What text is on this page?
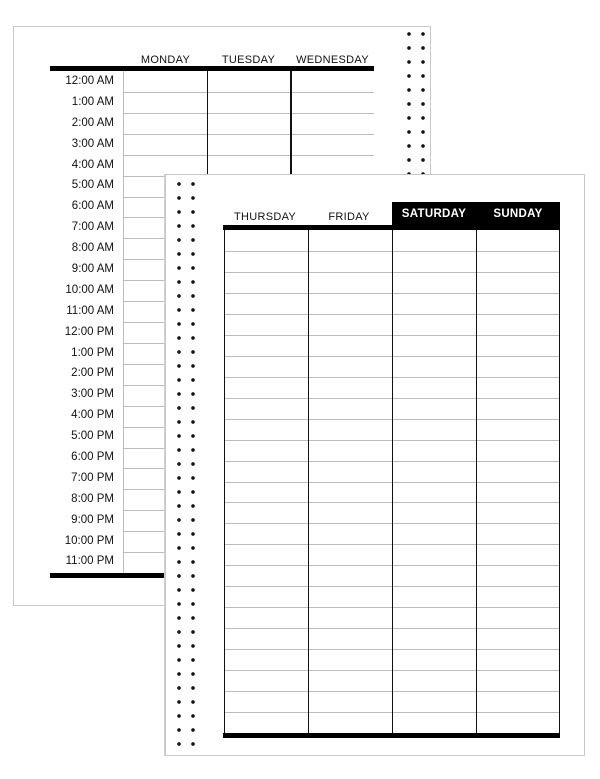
MONDAY	TUESDAY	WEDNESDAY
12:00 AM
1:00 AM
2:00 AM
3:00 AM
4:00 AM
5:00 AM
6:00 AM
7:00 AM
8:00 AM
9:00 AM
10:00 AM
11:00 AM
12:00 PM
1:00 PM
2:00 PM
3:00 PM
4:00 PM
5:00 PM
6:00 PM
7:00 PM
8:00 PM
9:00 PM
10:00 PM
11:00 PM
THURSDAY	FRIDAY	SATURDAY	SUNDAY
